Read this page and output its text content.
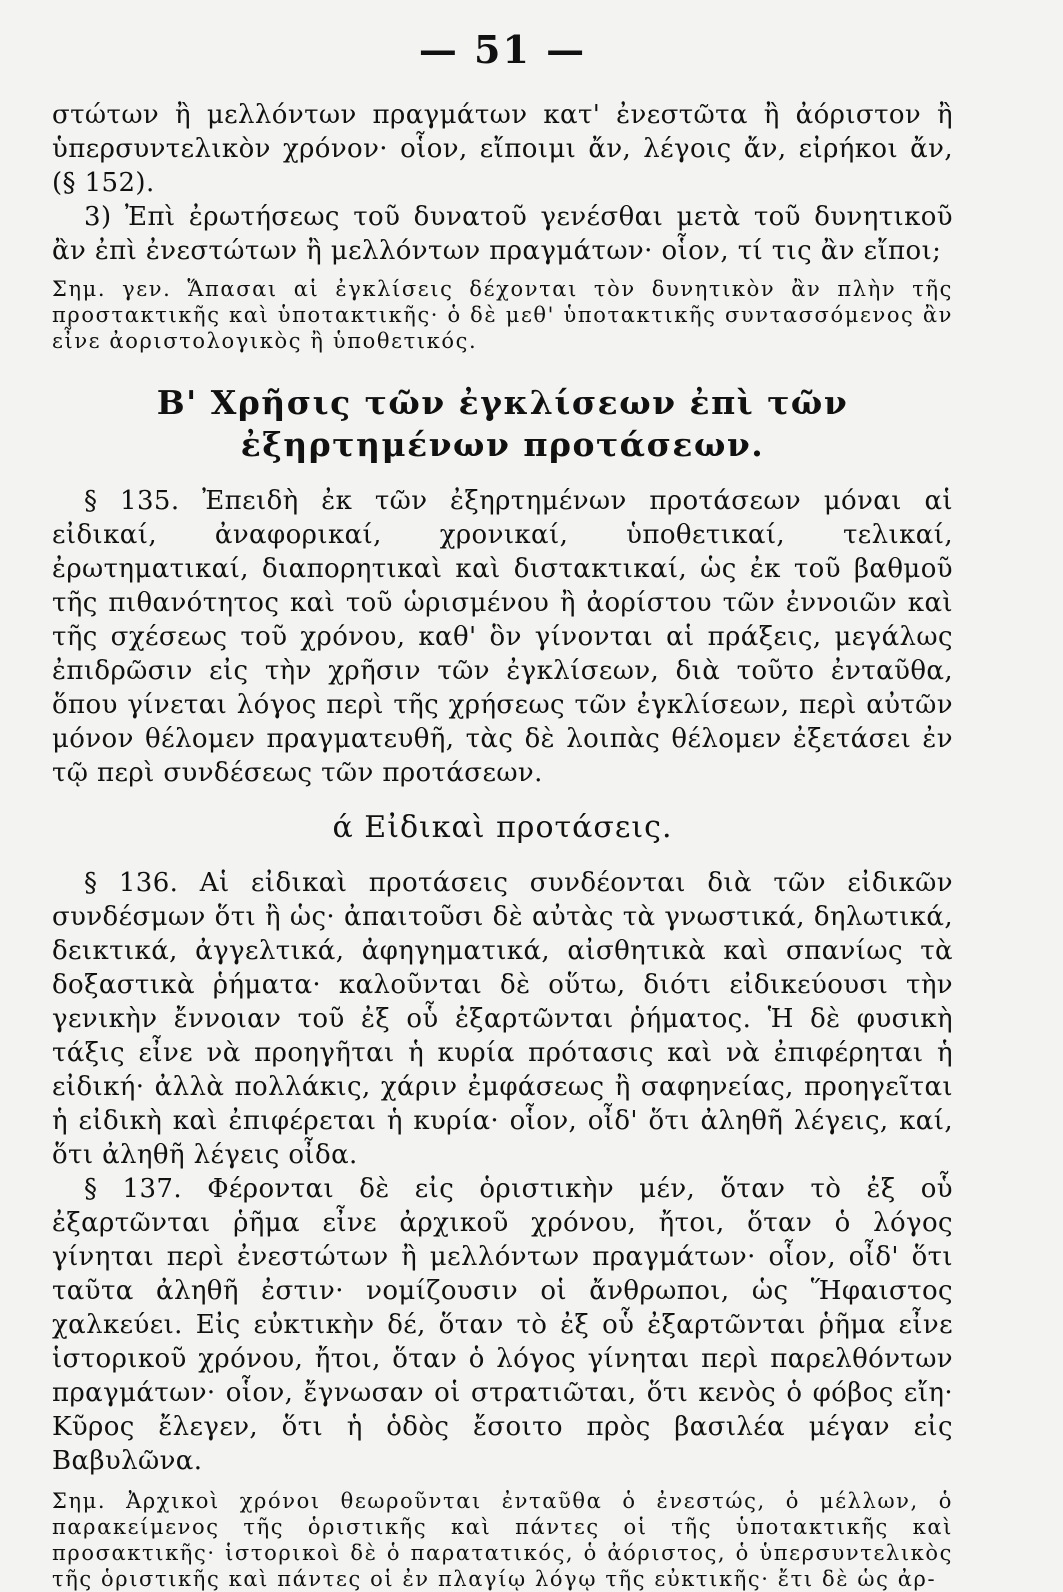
— 51 —

στώτων ἢ μελλόντων πραγμάτων κατ' ἐνεστῶτα ἢ ἀόριστον ἢ ὑπερσυντελικὸν χρόνον· οἷον, εἴποιμι ἄν, λέγοις ἄν, εἰρήκοι ἄν, (§ 152).

3) Ἐπὶ ἐρωτήσεως τοῦ δυνατοῦ γενέσθαι μετὰ τοῦ δυνητικοῦ ἂν ἐπὶ ἐνεστώτων ἢ μελλόντων πραγμάτων· οἷον, τί τις ἂν εἴποι;

Σημ. γεν. Ἅπασαι αἱ ἐγκλίσεις δέχονται τὸν δυνητικὸν ἂν πλὴν τῆς προστακτικῆς καὶ ὑποτακτικῆς· ὁ δὲ μεθ' ὑποτακτικῆς συντασσόμενος ἂν εἶνε ἀοριστολογικὸς ἢ ὑποθετικός.

Β' Χρῆσις τῶν ἐγκλίσεων ἐπὶ τῶν
ἐξηρτημένων προτάσεων.

§ 135. Ἐπειδὴ ἐκ τῶν ἐξηρτημένων προτάσεων μόναι αἱ εἰδικαί, ἀναφορικαί, χρονικαί, ὑποθετικαί, τελικαί, ἐρωτηματικαί, διαπορητικαὶ καὶ διστακτικαί, ὡς ἐκ τοῦ βαθμοῦ τῆς πιθανότητος καὶ τοῦ ὡρισμένου ἢ ἀορίστου τῶν ἐννοιῶν καὶ τῆς σχέσεως τοῦ χρόνου, καθ' ὃν γίνονται αἱ πράξεις, μεγάλως ἐπιδρῶσιν εἰς τὴν χρῆσιν τῶν ἐγκλίσεων, διὰ τοῦτο ἐνταῦθα, ὅπου γίνεται λόγος περὶ τῆς χρήσεως τῶν ἐγκλίσεων, περὶ αὐτῶν μόνον θέλομεν πραγματευθῆ, τὰς δὲ λοιπὰς θέλομεν ἐξετάσει ἐν τῷ περὶ συνδέσεως τῶν προτάσεων.

ά Εἰδικαὶ προτάσεις.

§ 136. Αἱ εἰδικαὶ προτάσεις συνδέονται διὰ τῶν εἰδικῶν συνδέσμων ὅτι ἢ ὡς· ἀπαιτοῦσι δὲ αὐτὰς τὰ γνωστικά, δηλωτικά, δεικτικά, ἀγγελτικά, ἀφηγηματικά, αἰσθητικὰ καὶ σπανίως τὰ δοξαστικὰ ῥήματα· καλοῦνται δὲ οὕτω, διότι εἰδικεύουσι τὴν γενικὴν ἔννοιαν τοῦ ἐξ οὗ ἐξαρτῶνται ῥήματος. Ἡ δὲ φυσικὴ τάξις εἶνε νὰ προηγῆται ἡ κυρία πρότασις καὶ νὰ ἐπιφέρηται ἡ εἰδική· ἀλλὰ πολλάκις, χάριν ἐμφάσεως ἢ σαφηνείας, προηγεῖται ἡ εἰδικὴ καὶ ἐπιφέρεται ἡ κυρία· οἷον, οἶδ' ὅτι ἀληθῆ λέγεις, καί, ὅτι ἀληθῆ λέγεις οἶδα.

§ 137. Φέρονται δὲ εἰς ὁριστικὴν μέν, ὅταν τὸ ἐξ οὗ ἐξαρτῶνται ῥῆμα εἶνε ἀρχικοῦ χρόνου, ἤτοι, ὅταν ὁ λόγος γίνηται περὶ ἐνεστώτων ἢ μελλόντων πραγμάτων· οἷον, οἶδ' ὅτι ταῦτα ἀληθῆ ἐστιν· νομίζουσιν οἱ ἄνθρωποι, ὡς Ἥφαιστος χαλκεύει. Εἰς εὐκτικὴν δέ, ὅταν τὸ ἐξ οὗ ἐξαρτῶνται ῥῆμα εἶνε ἱστορικοῦ χρόνου, ἤτοι, ὅταν ὁ λόγος γίνηται περὶ παρελθόντων πραγμάτων· οἷον, ἔγνωσαν οἱ στρατιῶται, ὅτι κενὸς ὁ φόβος εἴη· Κῦρος ἔλεγεν, ὅτι ἡ ὁδὸς ἔσοιτο πρὸς βασιλέα μέγαν εἰς Βαβυλῶνα.

Σημ. Ἀρχικοὶ χρόνοι θεωροῦνται ἐνταῦθα ὁ ἐνεστώς, ὁ μέλλων, ὁ παρακείμενος τῆς ὁριστικῆς καὶ πάντες οἱ τῆς ὑποτακτικῆς καὶ προσακτικῆς· ἱστορικοὶ δὲ ὁ παρατατικός, ὁ ἀόριστος, ὁ ὑπερσυντελικὸς τῆς ὁριστικῆς καὶ πάντες οἱ ἐν πλαγίῳ λόγῳ τῆς εὐκτικῆς· ἔτι δὲ ὡς ἀρ-
